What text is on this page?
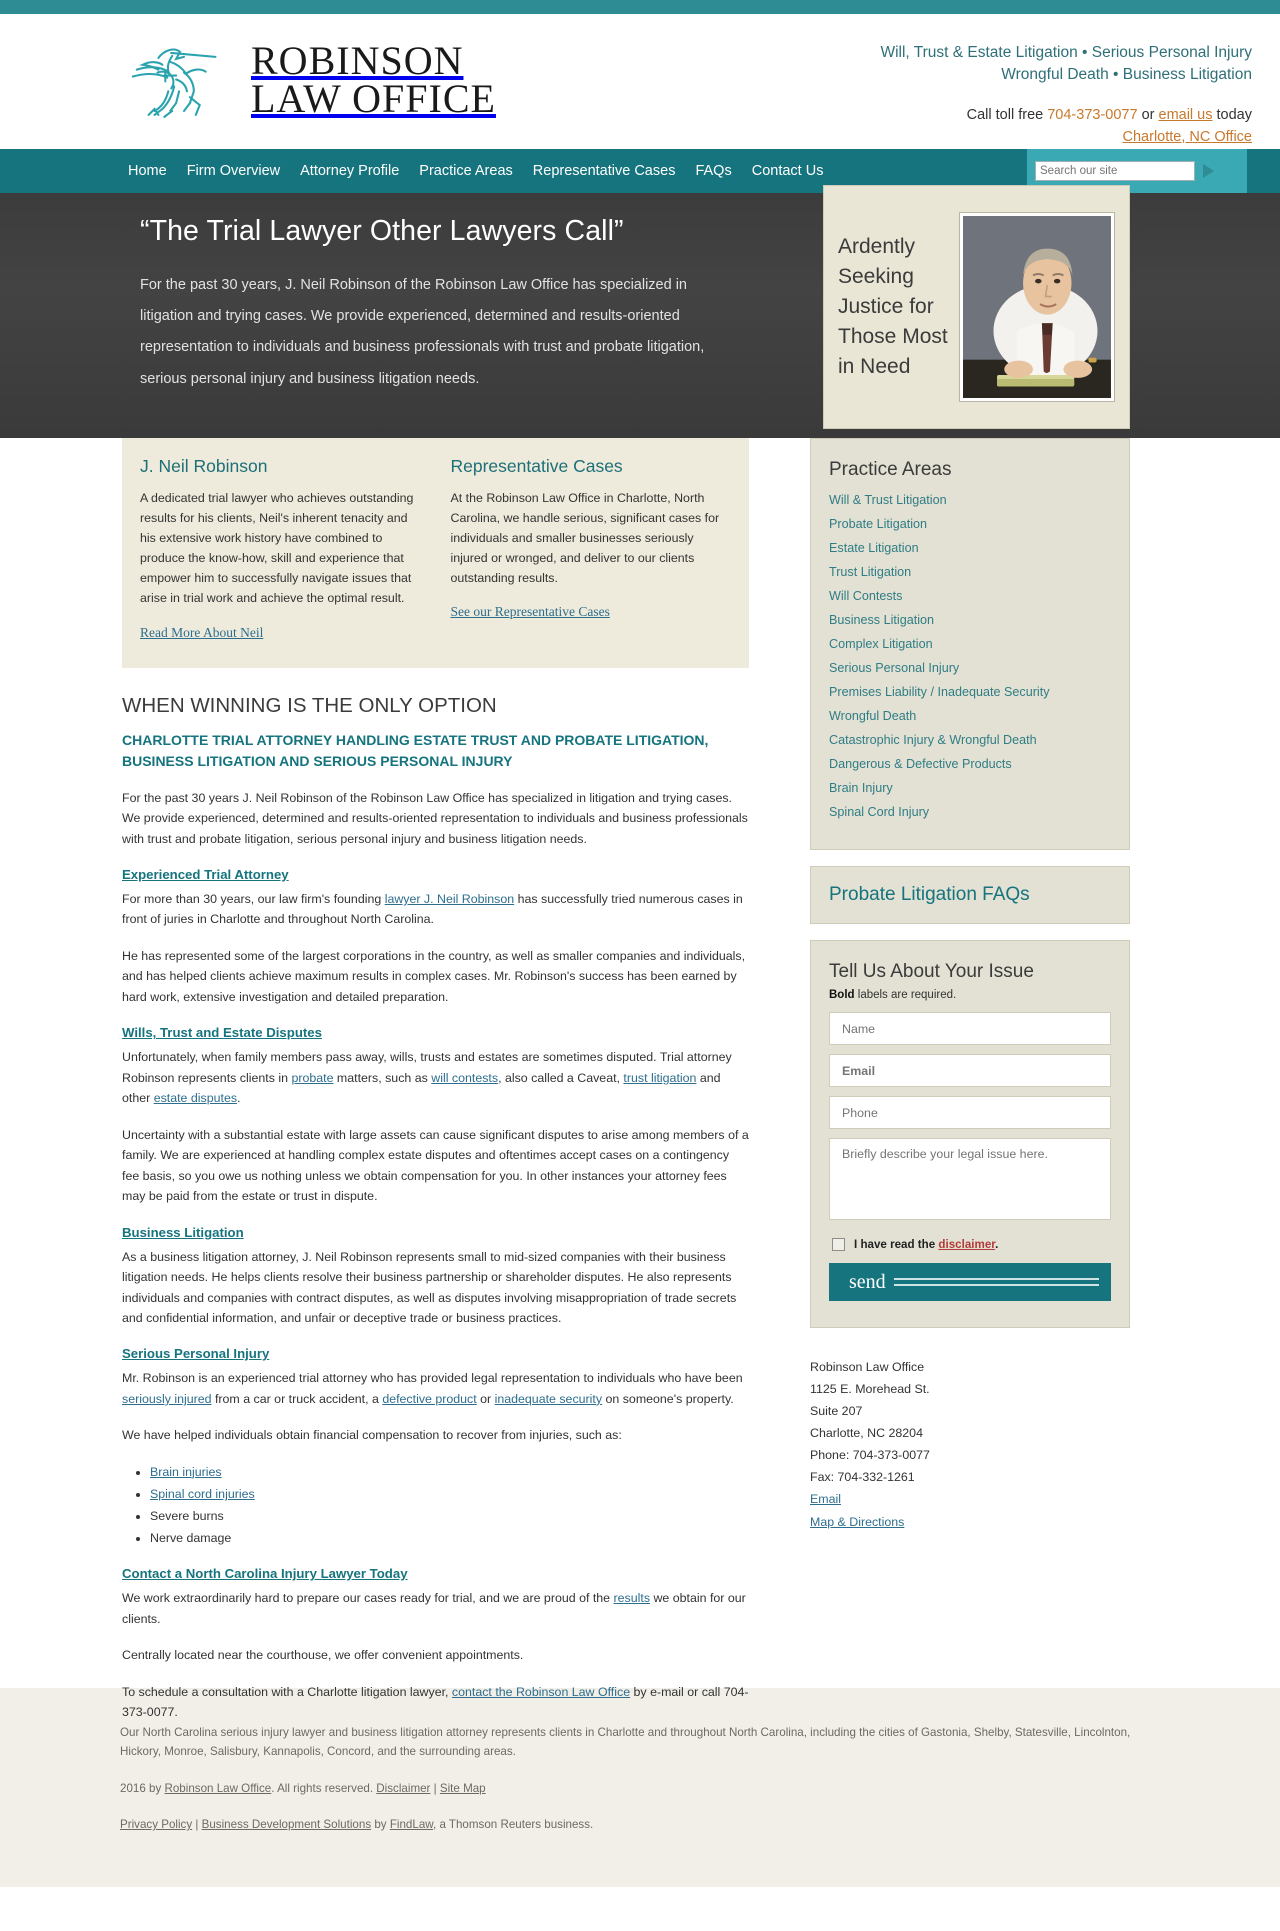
ROBINSON
LAW OFFICE
Will, Trust & Estate Litigation • Serious Personal Injury
Wrongful Death • Business Litigation
Call toll free 704-373-0077 or email us today
Charlotte, NC Office
Home Firm Overview Attorney Profile Practice Areas Representative Cases FAQs Contact Us
Search our site
“The Trial Lawyer Other Lawyers Call”

For the past 30 years, J. Neil Robinson of the Robinson Law Office has specialized in litigation and trying cases. We provide experienced, determined and results-oriented representation to individuals and business professionals with trust and probate litigation, serious personal injury and business litigation needs.

Ardently Seeking Justice for Those Most in Need
J. Neil Robinson

A dedicated trial lawyer who achieves outstanding results for his clients, Neil's inherent tenacity and his extensive work history have combined to produce the know-how, skill and experience that empower him to successfully navigate issues that arise in trial work and achieve the optimal result.

Read More About Neil
Representative Cases

At the Robinson Law Office in Charlotte, North Carolina, we handle serious, significant cases for individuals and smaller businesses seriously injured or wronged, and deliver to our clients outstanding results.

See our Representative Cases
WHEN WINNING IS THE ONLY OPTION
CHARLOTTE TRIAL ATTORNEY HANDLING ESTATE TRUST AND PROBATE LITIGATION, BUSINESS LITIGATION AND SERIOUS PERSONAL INJURY

For the past 30 years J. Neil Robinson of the Robinson Law Office has specialized in litigation and trying cases. We provide experienced, determined and results-oriented representation to individuals and business professionals with trust and probate litigation, serious personal injury and business litigation needs.

Experienced Trial Attorney

For more than 30 years, our law firm's founding lawyer J. Neil Robinson has successfully tried numerous cases in front of juries in Charlotte and throughout North Carolina.

He has represented some of the largest corporations in the country, as well as smaller companies and individuals, and has helped clients achieve maximum results in complex cases. Mr. Robinson's success has been earned by hard work, extensive investigation and detailed preparation.

Wills, Trust and Estate Disputes

Unfortunately, when family members pass away, wills, trusts and estates are sometimes disputed. Trial attorney Robinson represents clients in probate matters, such as will contests, also called a Caveat, trust litigation and other estate disputes.

Uncertainty with a substantial estate with large assets can cause significant disputes to arise among members of a family. We are experienced at handling complex estate disputes and oftentimes accept cases on a contingency fee basis, so you owe us nothing unless we obtain compensation for you. In other instances your attorney fees may be paid from the estate or trust in dispute.

Business Litigation

As a business litigation attorney, J. Neil Robinson represents small to mid-sized companies with their business litigation needs. He helps clients resolve their business partnership or shareholder disputes. He also represents individuals and companies with contract disputes, as well as disputes involving misappropriation of trade secrets and confidential information, and unfair or deceptive trade or business practices.

Serious Personal Injury

Mr. Robinson is an experienced trial attorney who has provided legal representation to individuals who have been seriously injured from a car or truck accident, a defective product or inadequate security on someone's property.

We have helped individuals obtain financial compensation to recover from injuries, such as:

• Brain injuries
• Spinal cord injuries
• Severe burns
• Nerve damage
Contact a North Carolina Injury Lawyer Today

We work extraordinarily hard to prepare our cases ready for trial, and we are proud of the results we obtain for our clients.

Centrally located near the courthouse, we offer convenient appointments.

To schedule a consultation with a Charlotte litigation lawyer, contact the Robinson Law Office by e-mail or call 704-373-0077.

Practice Areas
Will & Trust Litigation
Probate Litigation
Estate Litigation
Trust Litigation
Will Contests
Business Litigation
Complex Litigation
Serious Personal Injury
Premises Liability / Inadequate Security
Wrongful Death
Catastrophic Injury & Wrongful Death
Dangerous & Defective Products
Brain Injury
Spinal Cord Injury
Probate Litigation FAQs
Tell Us About Your Issue

Bold labels are required.

Name Email Phone Briefly describe your legal issue here.
I have read the disclaimer.
send
Robinson Law Office
1125 E. Morehead St.
Suite 207
Charlotte, NC 28204
Phone: 704-373-0077
Fax: 704-332-1261
Email
Map & Directions

Our North Carolina serious injury lawyer and business litigation attorney represents clients in Charlotte and throughout North Carolina, including the cities of Gastonia, Shelby, Statesville, Lincolnton, Hickory, Monroe, Salisbury, Kannapolis, Concord, and the surrounding areas.

2016 by Robinson Law Office. All rights reserved. Disclaimer | Site Map

Privacy Policy | Business Development Solutions by FindLaw, a Thomson Reuters business.
